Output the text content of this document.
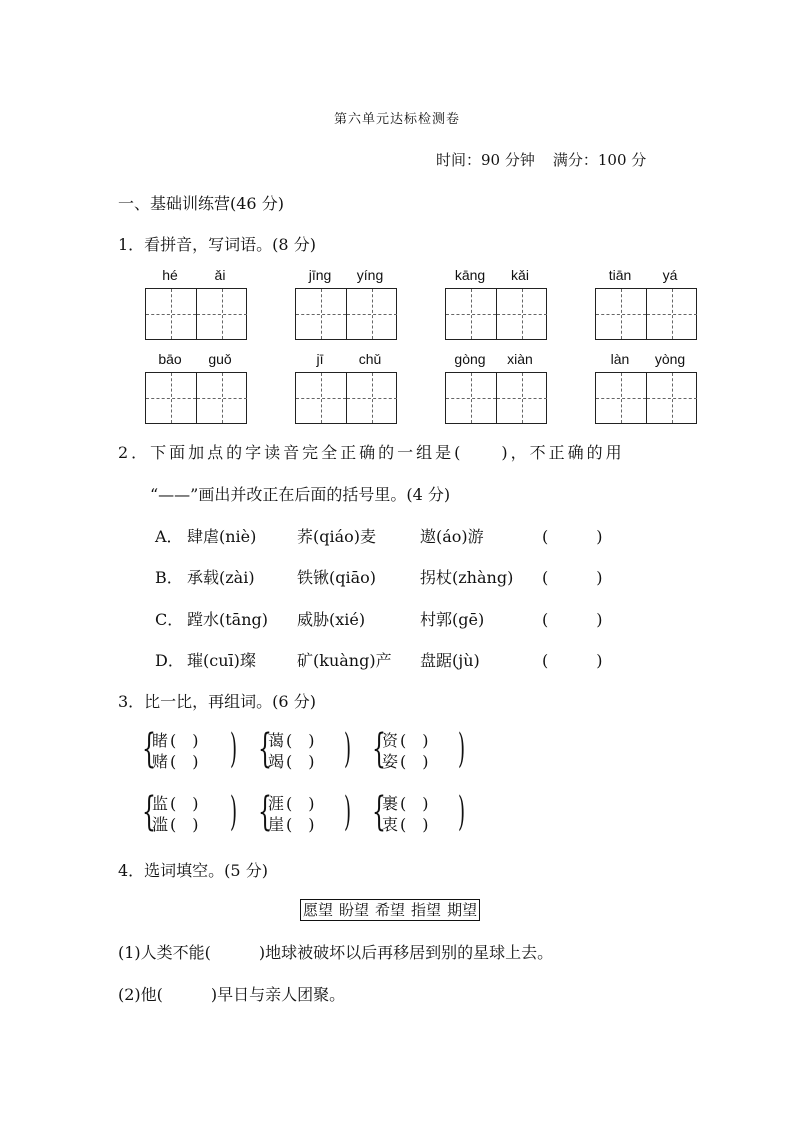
第六单元达标检测卷
时间：90 分钟 满分：100 分
一、基础训练营(46 分)
1．看拼音，写词语。(8 分)
hé	ǎi	jīng	yíng	kāng	kǎi	tiān	yá
bāo	guǒ	jī	chǔ	gòng	xiàn	làn	yòng
2．下面加点的字读音完全正确的一组是(　　)，不正确的用
“——”画出并改正在后面的括号里。(4 分)
A． 肆虐(niè)	荞(qiáo)麦	遨(áo)游	(　　　)
B． 承载(zài)	铁锹(qiāo)	拐杖(zhàng) (　　　)
C． 蹚水(tāng) 威胁(xié)	村郭(gē)	(　　　)
D． 璀(cuī)璨	矿(kuàng)产 盘踞(jù)	(　　　)
3．比一比，再组词。(6 分)
{
睹 (　)
赌 (　) ) {
蔼 (　)
竭 (　) ) {
资 (　)
姿 (　) )
{
监 (　)
滥 (　) ) {
涯 (　)
崖 (　) ) {
裹 (　)
衷 (　) )
4．选词填空。(5 分)
愿望 盼望 希望 指望 期望
(1)人类不能(　　　)地球被破坏以后再移居到别的星球上去。
(2)他(　　　)早日与亲人团聚。
